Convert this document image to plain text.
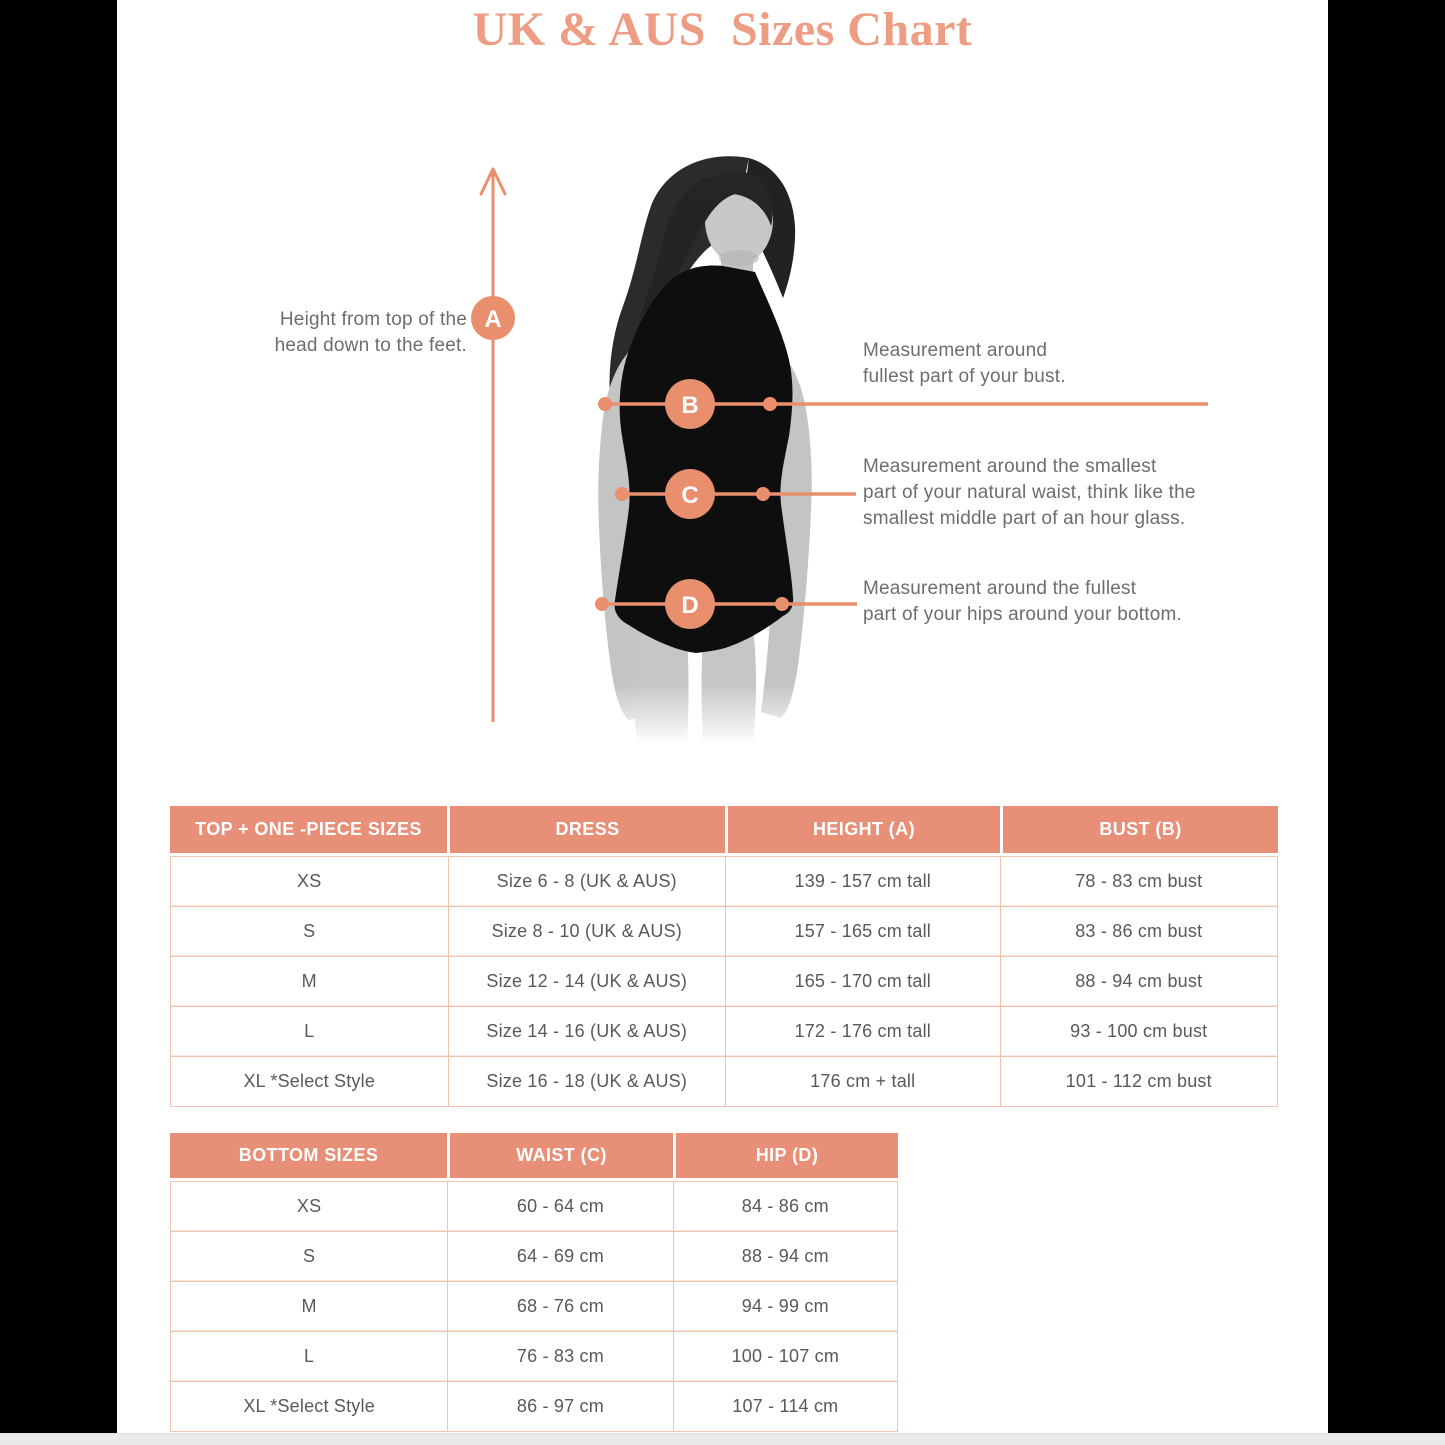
UK & AUS  Sizes Chart
A
B
C
D
Height from top of the
head down to the feet.	Measurement around
fullest part of your bust.
Measurement around the smallest
part of your natural waist, think like the
smallest middle part of an hour glass.
Measurement around the fullest
part of your hips around your bottom.
TOP + ONE -PIECE SIZES	DRESS	HEIGHT (A)	BUST (B)
XS	Size 6 - 8 (UK & AUS)	139 - 157 cm tall	78 - 83 cm bust
S	Size 8 - 10 (UK & AUS)	157 - 165 cm tall	83 - 86 cm bust
M	Size 12 - 14 (UK & AUS)	165 - 170 cm tall	88 - 94 cm bust
L	Size 14 - 16 (UK & AUS)	172 - 176 cm tall	93 - 100 cm bust
XL *Select Style	Size 16 - 18 (UK & AUS)	176 cm + tall	101 - 112 cm bust
BOTTOM SIZES	WAIST (C)	HIP (D)
XS	60 - 64 cm	84 - 86 cm
S	64 - 69 cm	88 - 94 cm
M	68 - 76 cm	94 - 99 cm
L	76 - 83 cm	100 - 107 cm
XL *Select Style	86 - 97 cm	107 - 114 cm
